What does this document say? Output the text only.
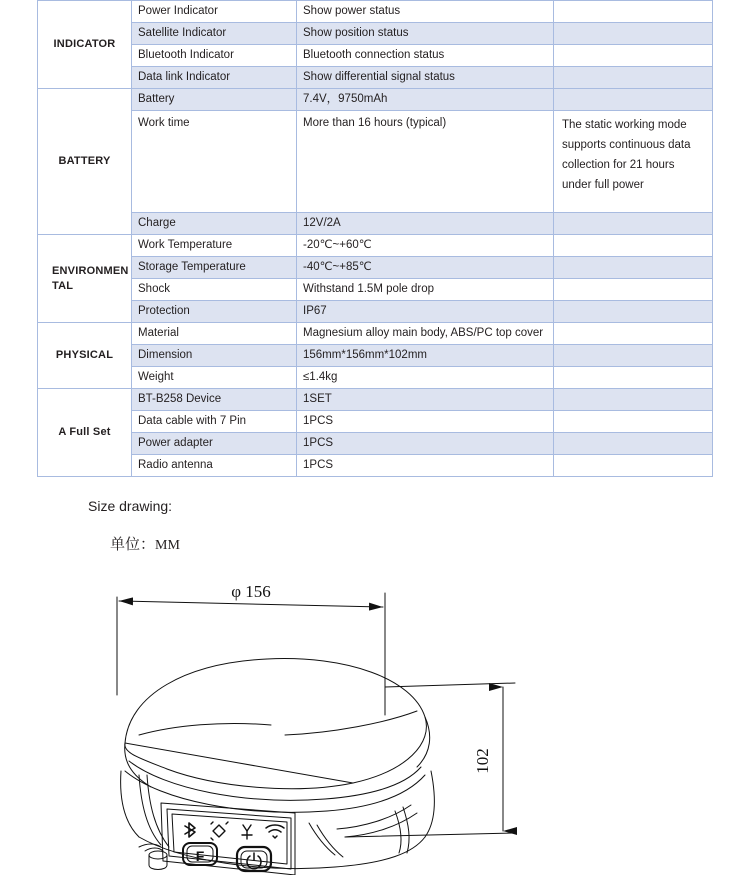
INDICATOR	Power Indicator	Show power status	
	Satellite Indicator	Show position status	
	Bluetooth Indicator	Bluetooth connection status	
	Data link Indicator	Show differential signal status	

BATTERY	Battery	7.4V，9750mAh	
	Work time	More than 16 hours (typical)	The static working mode supports continuous data collection for 21 hours under full power
	Charge	12V/2A	

ENVIRONMEN
TAL	Work Temperature	-20℃~+60℃	
	Storage Temperature	-40℃~+85℃	
	Shock	Withstand 1.5M pole drop	
	Protection	IP67	

PHYSICAL	Material	Magnesium alloy main body, ABS/PC top cover	
	Dimension	156mm*156mm*102mm	
	Weight	≤1.4kg	

A Full Set	BT-B258 Device	1SET	
	Data cable with 7 Pin	1PCS	
	Power adapter	1PCS	
	Radio antenna	1PCS	
Size drawing:
单位：MM
F
φ 156
102
